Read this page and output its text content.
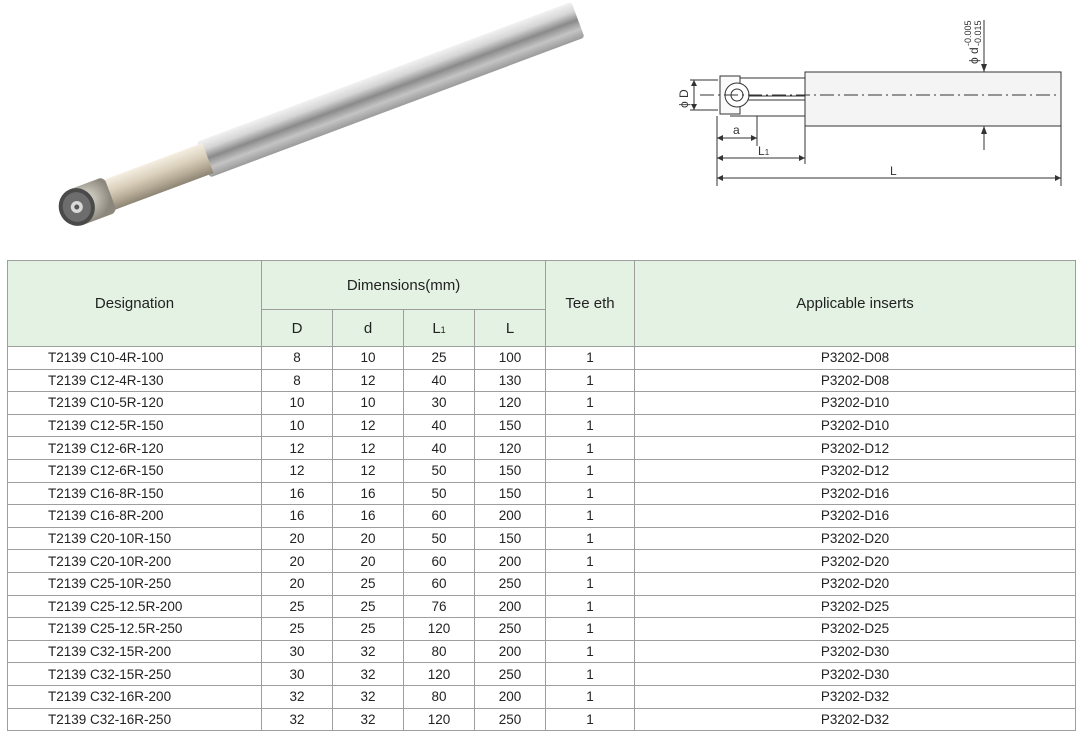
ϕ D
ϕ d
-0.005 -0.015
a
L1
L
Designation	Dimensions(mm)				Tee eth	Applicable inserts
	D	d	L1	L		
T2139 C10-4R-100	8	10	25	100	1	P3202-D08
T2139 C12-4R-130	8	12	40	130	1	P3202-D08
T2139 C10-5R-120	10	10	30	120	1	P3202-D10
T2139 C12-5R-150	10	12	40	150	1	P3202-D10
T2139 C12-6R-120	12	12	40	120	1	P3202-D12
T2139 C12-6R-150	12	12	50	150	1	P3202-D12
T2139 C16-8R-150	16	16	50	150	1	P3202-D16
T2139 C16-8R-200	16	16	60	200	1	P3202-D16
T2139 C20-10R-150	20	20	50	150	1	P3202-D20
T2139 C20-10R-200	20	20	60	200	1	P3202-D20
T2139 C25-10R-250	20	25	60	250	1	P3202-D20
T2139 C25-12.5R-200	25	25	76	200	1	P3202-D25
T2139 C25-12.5R-250	25	25	120	250	1	P3202-D25
T2139 C32-15R-200	30	32	80	200	1	P3202-D30
T2139 C32-15R-250	30	32	120	250	1	P3202-D30
T2139 C32-16R-200	32	32	80	200	1	P3202-D32
T2139 C32-16R-250	32	32	120	250	1	P3202-D32
